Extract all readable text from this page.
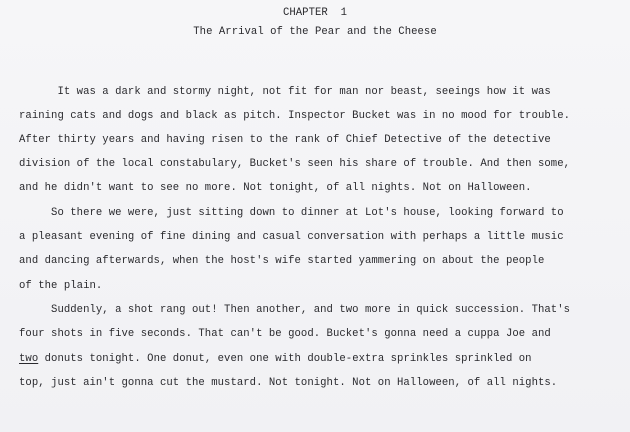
CHAPTER  1
The Arrival of the Pear and the Cheese
It was a dark and stormy night, not fit for man nor beast, seeings how it was
raining cats and dogs and black as pitch. Inspector Bucket was in no mood for trouble.
After thirty years and having risen to the rank of Chief Detective of the detective
division of the local constabulary, Bucket's seen his share of trouble. And then some,
and he didn't want to see no more. Not tonight, of all nights. Not on Halloween.
So there we were, just sitting down to dinner at Lot's house, looking forward to
a pleasant evening of fine dining and casual conversation with perhaps a little music
and dancing afterwards, when the host's wife started yammering on about the people
of the plain.
Suddenly, a shot rang out! Then another, and two more in quick succession. That's
four shots in five seconds. That can't be good. Bucket's gonna need a cuppa Joe and
two donuts tonight. One donut, even one with double-extra sprinkles sprinkled on
top, just ain't gonna cut the mustard. Not tonight. Not on Halloween, of all nights.
